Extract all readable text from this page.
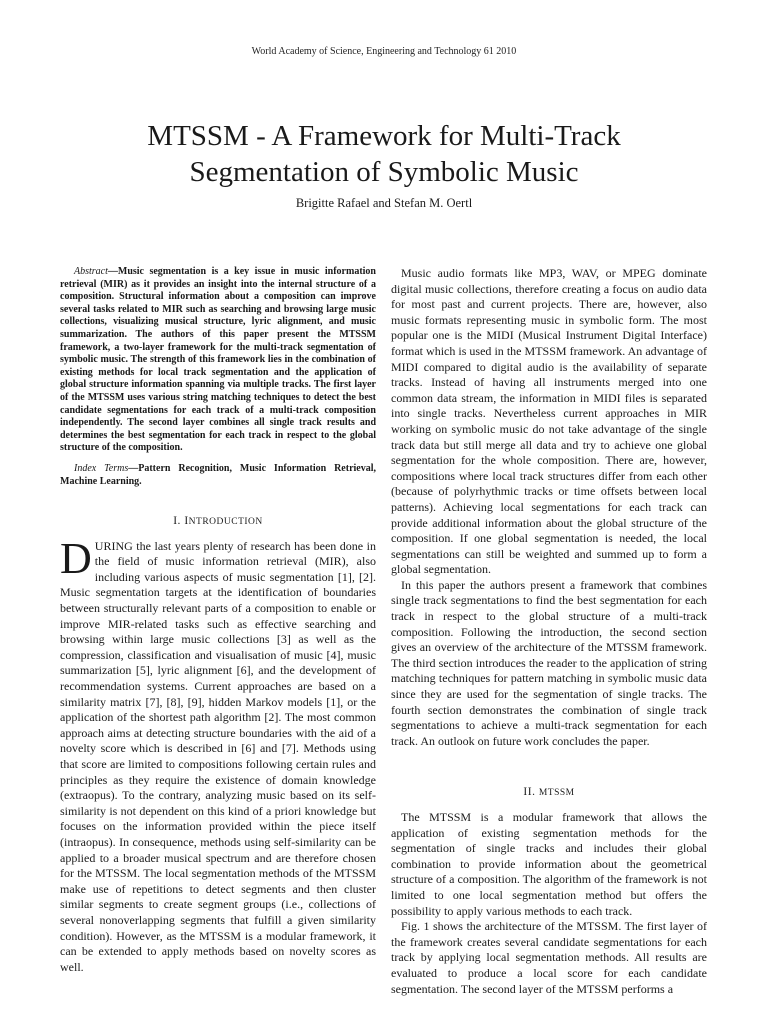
World Academy of Science, Engineering and Technology 61 2010
MTSSM - A Framework for Multi-Track
Segmentation of Symbolic Music
Brigitte Rafael and Stefan M. Oertl

Abstract—Music segmentation is a key issue in music information retrieval (MIR) as it provides an insight into the internal structure of a composition. Structural information about a composition can improve several tasks related to MIR such as searching and browsing large music collections, visualizing musical structure, lyric alignment, and music summarization. The authors of this paper present the MTSSM framework, a two-layer framework for the multi-track segmentation of symbolic music. The strength of this framework lies in the combination of existing methods for local track segmentation and the application of global structure information spanning via multiple tracks. The first layer of the MTSSM uses various string matching techniques to detect the best candidate segmentations for each track of a multi-track composition independently. The second layer combines all single track results and determines the best segmentation for each track in respect to the global structure of the composition.

Index Terms—Pattern Recognition, Music Information Retrieval, Machine Learning.

I. INTRODUCTION

DURING the last years plenty of research has been done in the field of music information retrieval (MIR), also including various aspects of music segmentation [1], [2]. Music segmentation targets at the identification of boundaries between structurally relevant parts of a composition to enable or improve MIR-related tasks such as effective searching and browsing within large music collections [3] as well as the compression, classification and visualisation of music [4], music summarization [5], lyric alignment [6], and the development of recommendation systems. Current approaches are based on a similarity matrix [7], [8], [9], hidden Markov models [1], or the application of the shortest path algorithm [2]. The most common approach aims at detecting structure boundaries with the aid of a novelty score which is described in [6] and [7]. Methods using that score are limited to compositions following certain rules and principles as they require the existence of domain knowledge (extraopus). To the contrary, analyzing music based on its self-similarity is not dependent on this kind of a priori knowledge but focuses on the information provided within the piece itself (intraopus). In consequence, methods using self-similarity can be applied to a broader musical spectrum and are therefore chosen for the MTSSM. The local segmentation methods of the MTSSM make use of repetitions to detect segments and then cluster similar segments to create segment groups (i.e., collections of several nonoverlapping segments that fulfill a given similarity condition). However, as the MTSSM is a modular framework, it can be extended to apply methods based on novelty scores as well.

Music audio formats like MP3, WAV, or MPEG dominate digital music collections, therefore creating a focus on audio data for most past and current projects. There are, however, also music formats representing music in symbolic form. The most popular one is the MIDI (Musical Instrument Digital Interface) format which is used in the MTSSM framework. An advantage of MIDI compared to digital audio is the availability of separate tracks. Instead of having all instruments merged into one common data stream, the information in MIDI files is separated into single tracks. Nevertheless current approaches in MIR working on symbolic music do not take advantage of the single track data but still merge all data and try to achieve one global segmentation for the whole composition. There are, however, compositions where local track structures differ from each other (because of polyrhythmic tracks or time offsets between local patterns). Achieving local segmentations for each track can provide additional information about the global structure of the composition. If one global segmentation is needed, the local segmentations can still be weighted and summed up to form a global segmentation.

In this paper the authors present a framework that combines single track segmentations to find the best segmentation for each track in respect to the global structure of a multi-track composition. Following the introduction, the second section gives an overview of the architecture of the MTSSM framework. The third section introduces the reader to the application of string matching techniques for pattern matching in symbolic music data since they are used for the segmentation of single tracks. The fourth section demonstrates the combination of single track segmentations to achieve a multi-track segmentation for each track. An outlook on future work concludes the paper.

II. MTSSM

The MTSSM is a modular framework that allows the application of existing segmentation methods for the segmentation of single tracks and includes their global combination to provide information about the geometrical structure of a composition. The algorithm of the framework is not limited to one local segmentation method but offers the possibility to apply various methods to each track.

Fig. 1 shows the architecture of the MTSSM. The first layer of the framework creates several candidate segmentations for each track by applying local segmentation methods. All results are evaluated to produce a local score for each candidate segmentation. The second layer of the MTSSM performs a
